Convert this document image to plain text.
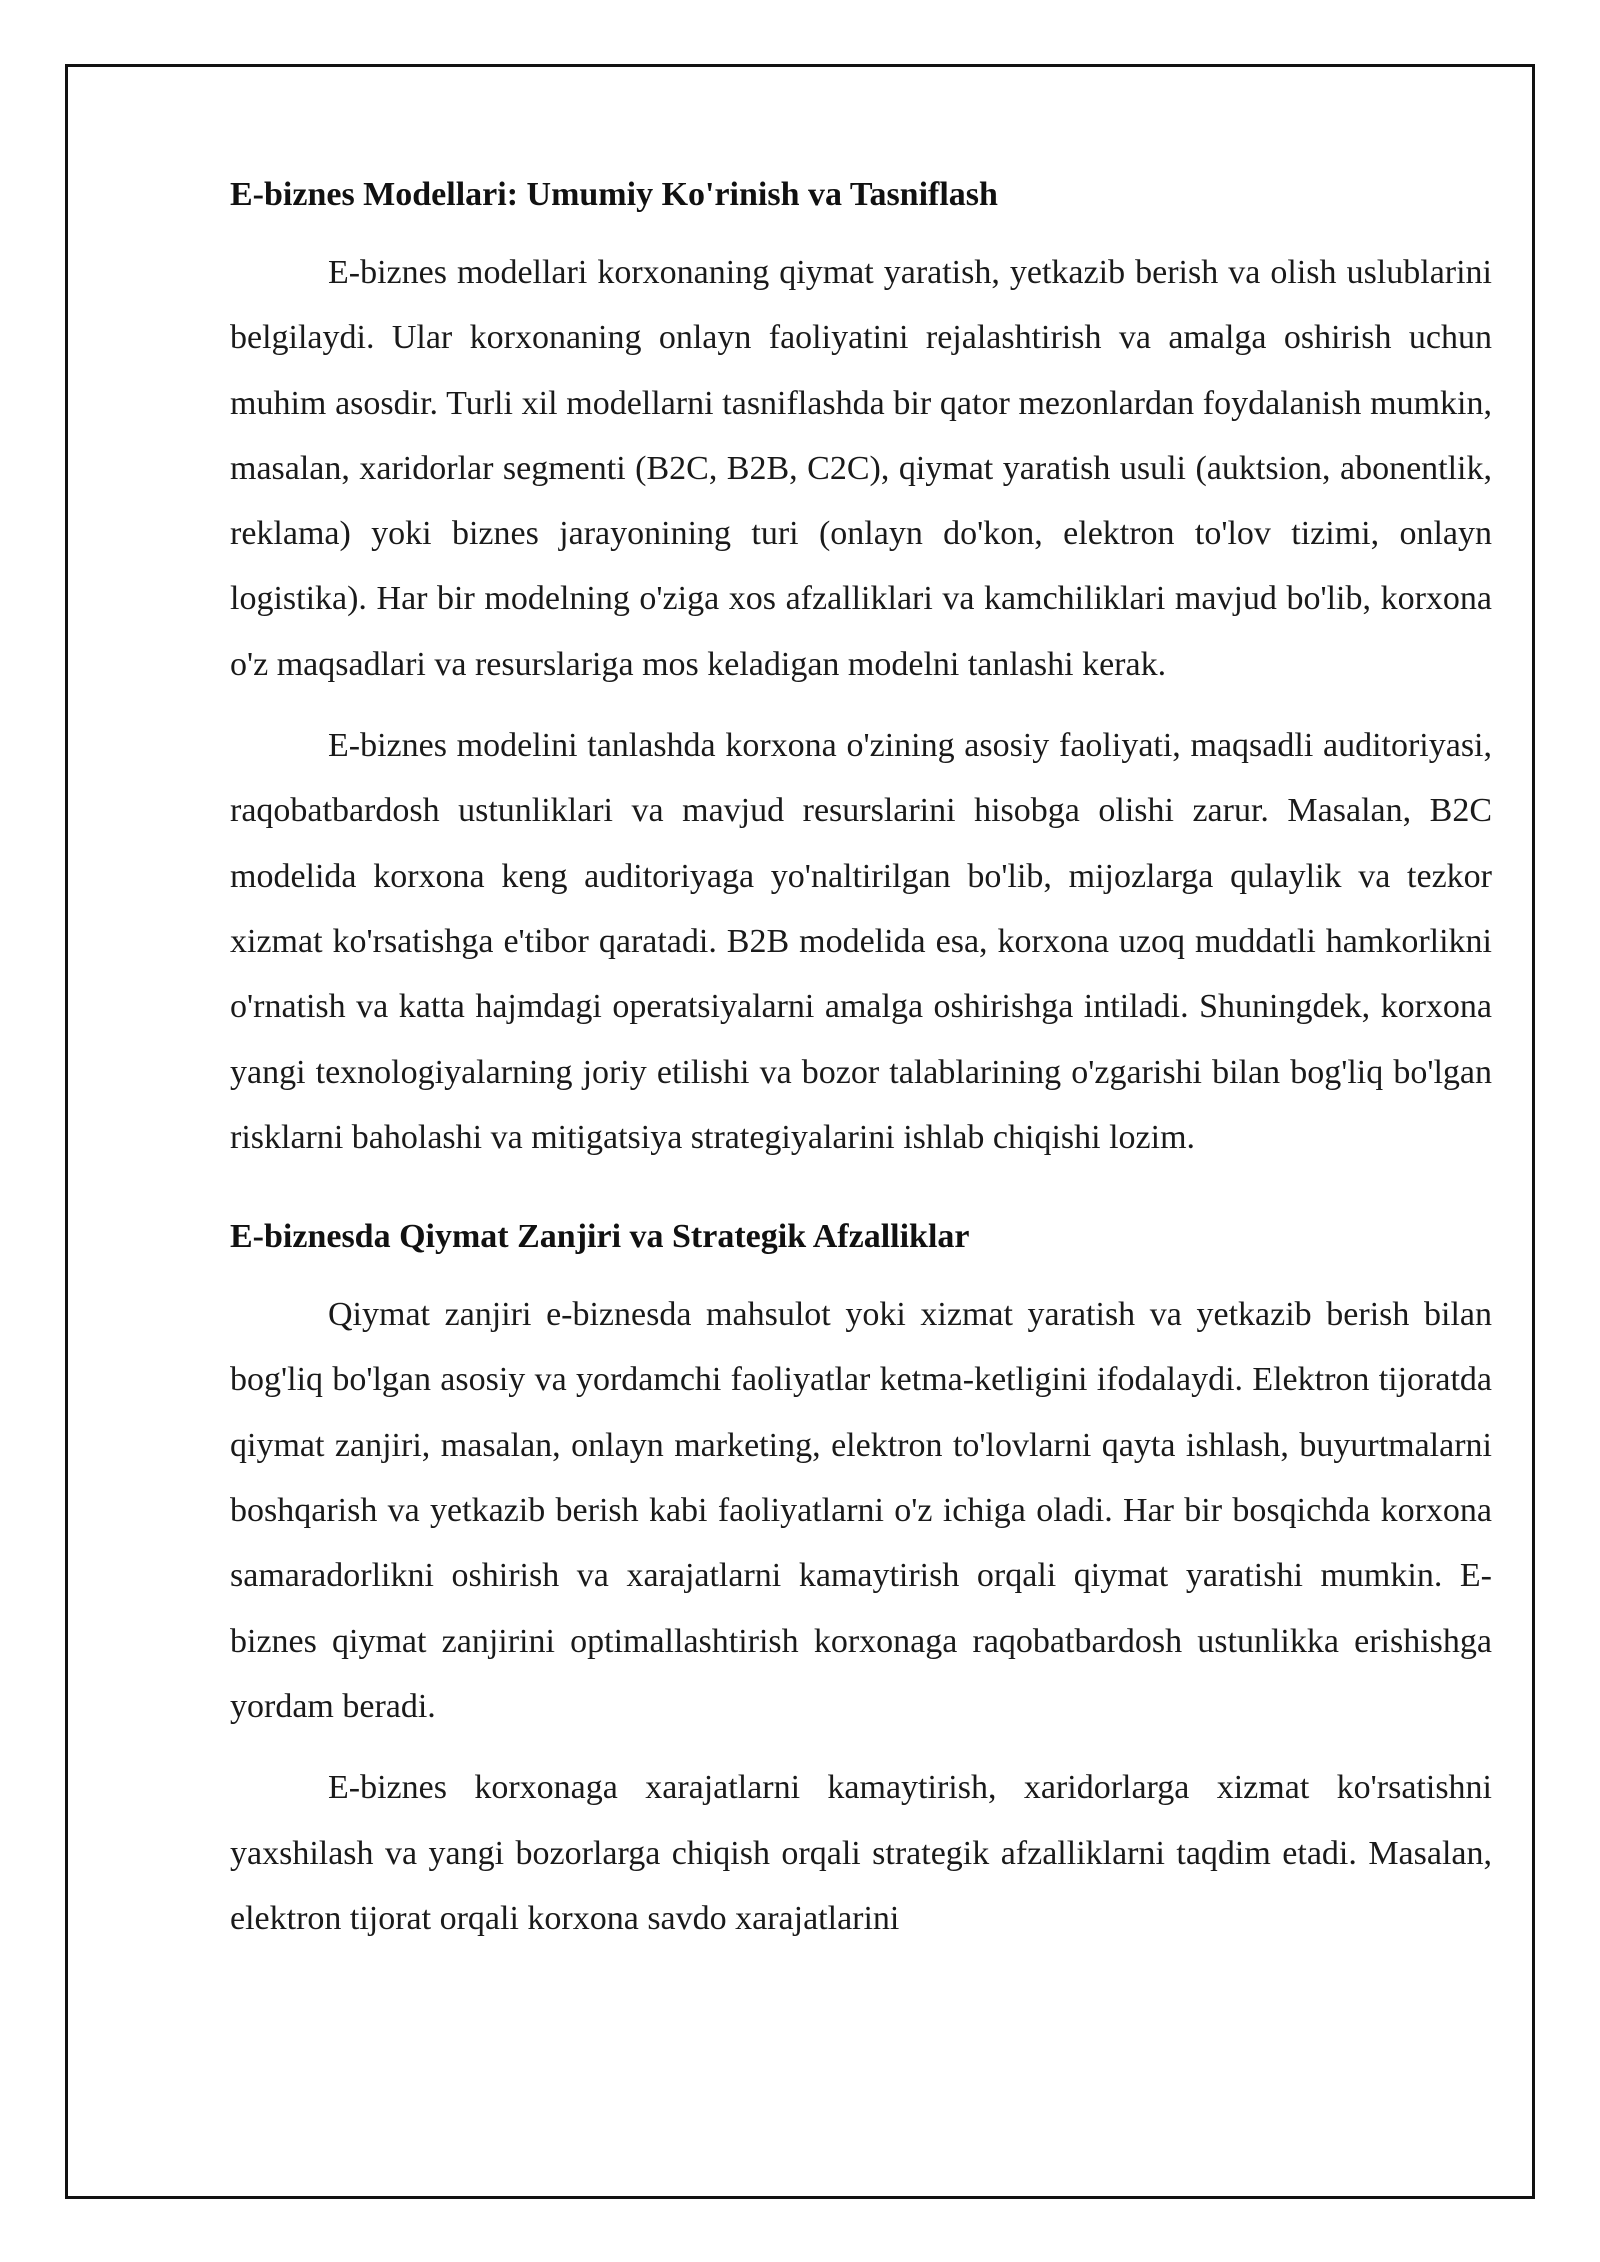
E-biznes Modellari: Umumiy Ko'rinish va Tasniflash

E-biznes modellari korxonaning qiymat yaratish, yetkazib berish va olish uslublarini belgilaydi. Ular korxonaning onlayn faoliyatini rejalashtirish va amalga oshirish uchun muhim asosdir. Turli xil modellarni tasniflashda bir qator mezonlardan foydalanish mumkin, masalan, xaridorlar segmenti (B2C, B2B, C2C), qiymat yaratish usuli (auktsion, abonentlik, reklama) yoki biznes jarayonining turi (onlayn do'kon, elektron to'lov tizimi, onlayn logistika). Har bir modelning o'ziga xos afzalliklari va kamchiliklari mavjud bo'lib, korxona o'z maqsadlari va resurslariga mos keladigan modelni tanlashi kerak.

E-biznes modelini tanlashda korxona o'zining asosiy faoliyati, maqsadli auditoriyasi, raqobatbardosh ustunliklari va mavjud resurslarini hisobga olishi zarur. Masalan, B2C modelida korxona keng auditoriyaga yo'naltirilgan bo'lib, mijozlarga qulaylik va tezkor xizmat ko'rsatishga e'tibor qaratadi. B2B modelida esa, korxona uzoq muddatli hamkorlikni o'rnatish va katta hajmdagi operatsiyalarni amalga oshirishga intiladi. Shuningdek, korxona yangi texnologiyalarning joriy etilishi va bozor talablarining o'zgarishi bilan bog'liq bo'lgan risklarni baholashi va mitigatsiya strategiyalarini ishlab chiqishi lozim.

E-biznesda Qiymat Zanjiri va Strategik Afzalliklar

Qiymat zanjiri e-biznesda mahsulot yoki xizmat yaratish va yetkazib berish bilan bog'liq bo'lgan asosiy va yordamchi faoliyatlar ketma-ketligini ifodalaydi. Elektron tijoratda qiymat zanjiri, masalan, onlayn marketing, elektron to'lovlarni qayta ishlash, buyurtmalarni boshqarish va yetkazib berish kabi faoliyatlarni o'z ichiga oladi. Har bir bosqichda korxona samaradorlikni oshirish va xarajatlarni kamaytirish orqali qiymat yaratishi mumkin. E-biznes qiymat zanjirini optimallashtirish korxonaga raqobatbardosh ustunlikka erishishga yordam beradi.

E-biznes korxonaga xarajatlarni kamaytirish, xaridorlarga xizmat ko'rsatishni yaxshilash va yangi bozorlarga chiqish orqali strategik afzalliklarni taqdim etadi. Masalan, elektron tijorat orqali korxona savdo xarajatlarini
